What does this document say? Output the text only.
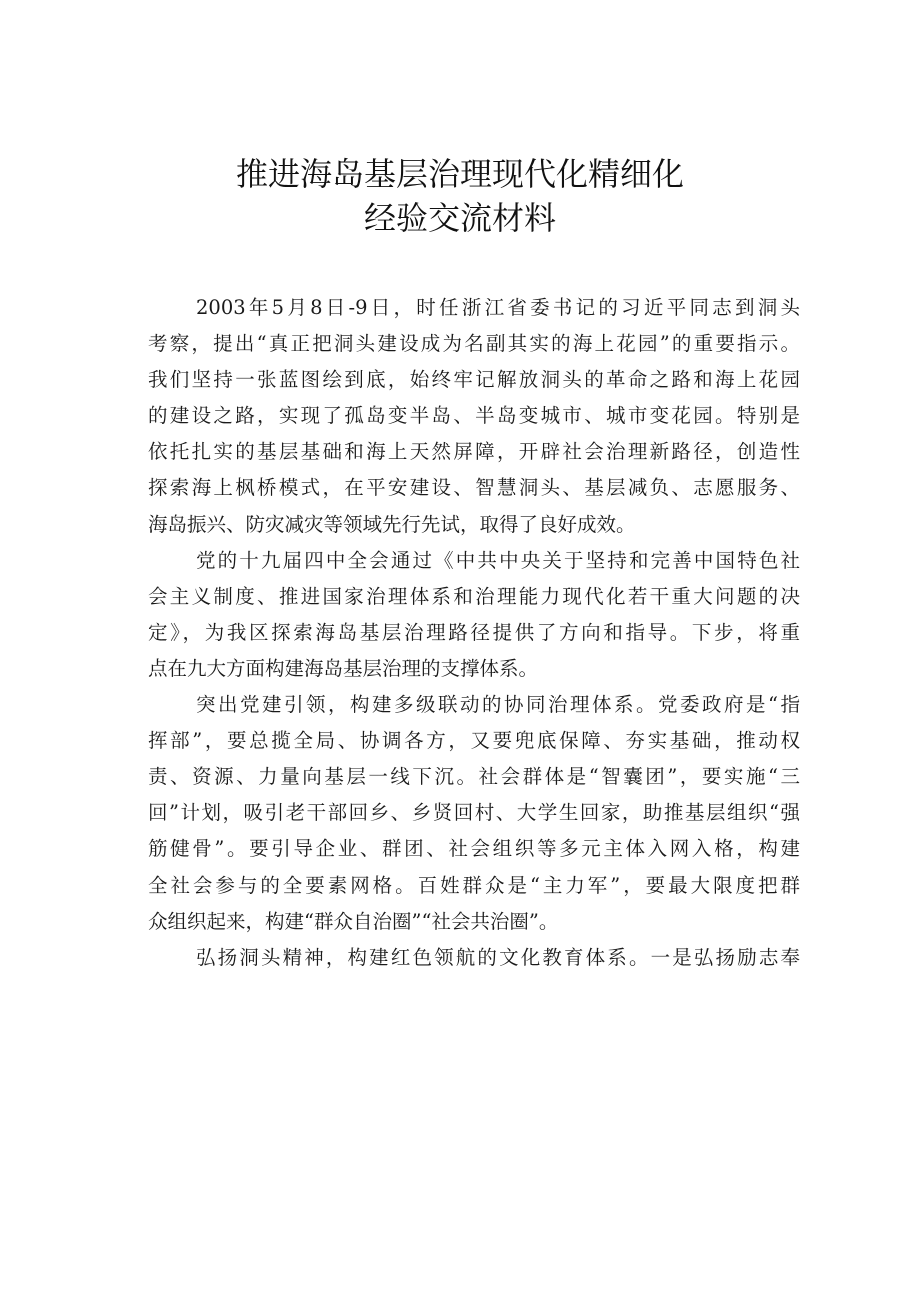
推进海岛基层治理现代化精细化
经验交流材料
2003年5月8日-9日，时任浙江省委书记的习近平同志到洞头
考察，提出“真正把洞头建设成为名副其实的海上花园”的重要指示。
我们坚持一张蓝图绘到底，始终牢记解放洞头的革命之路和海上花园
的建设之路，实现了孤岛变半岛、半岛变城市、城市变花园。特别是
依托扎实的基层基础和海上天然屏障，开辟社会治理新路径，创造性
探索海上枫桥模式，在平安建设、智慧洞头、基层减负、志愿服务、
海岛振兴、防灾减灾等领域先行先试，取得了良好成效。
党的十九届四中全会通过《中共中央关于坚持和完善中国特色社
会主义制度、推进国家治理体系和治理能力现代化若干重大问题的决
定》，为我区探索海岛基层治理路径提供了方向和指导。下步，将重
点在九大方面构建海岛基层治理的支撑体系。
突出党建引领，构建多级联动的协同治理体系。党委政府是“指
挥部”，要总揽全局、协调各方，又要兜底保障、夯实基础，推动权
责、资源、力量向基层一线下沉。社会群体是“智囊团”，要实施“三
回”计划，吸引老干部回乡、乡贤回村、大学生回家，助推基层组织“强
筋健骨”。要引导企业、群团、社会组织等多元主体入网入格，构建
全社会参与的全要素网格。百姓群众是“主力军”，要最大限度把群
众组织起来，构建“群众自治圈”“社会共治圈”。
弘扬洞头精神，构建红色领航的文化教育体系。一是弘扬励志奉
